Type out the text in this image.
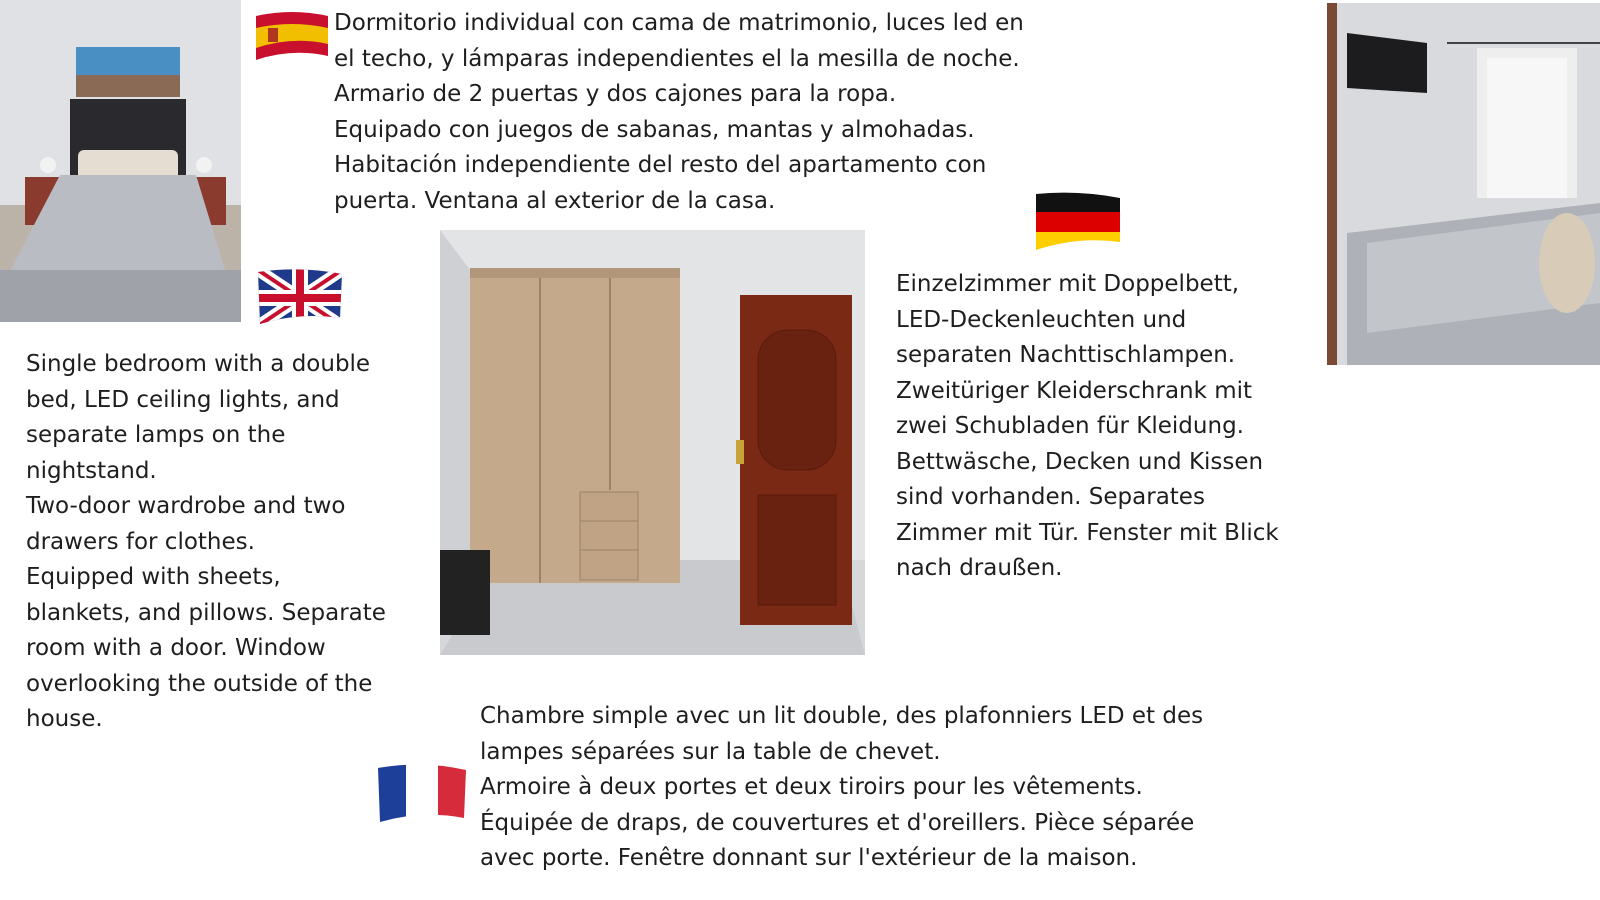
Dormitorio individual con cama de matrimonio, luces led en
el techo, y lámparas independientes el la mesilla de noche.
Armario de 2 puertas y dos cajones para la ropa.
Equipado con juegos de sabanas, mantas y almohadas.
Habitación independiente del resto del apartamento con
puerta. Ventana al exterior de la casa.
Single bedroom with a double
bed, LED ceiling lights, and
separate lamps on the
nightstand.
Two-door wardrobe and two
drawers for clothes.
Equipped with sheets,
blankets, and pillows. Separate
room with a door. Window
overlooking the outside of the
house.
Einzelzimmer mit Doppelbett,
LED-Deckenleuchten und
separaten Nachttischlampen.
Zweitüriger Kleiderschrank mit
zwei Schubladen für Kleidung.
Bettwäsche, Decken und Kissen
sind vorhanden. Separates
Zimmer mit Tür. Fenster mit Blick
nach draußen.
Chambre simple avec un lit double, des plafonniers LED et des
lampes séparées sur la table de chevet.
Armoire à deux portes et deux tiroirs pour les vêtements.
Équipée de draps, de couvertures et d'oreillers. Pièce séparée
avec porte. Fenêtre donnant sur l'extérieur de la maison.
